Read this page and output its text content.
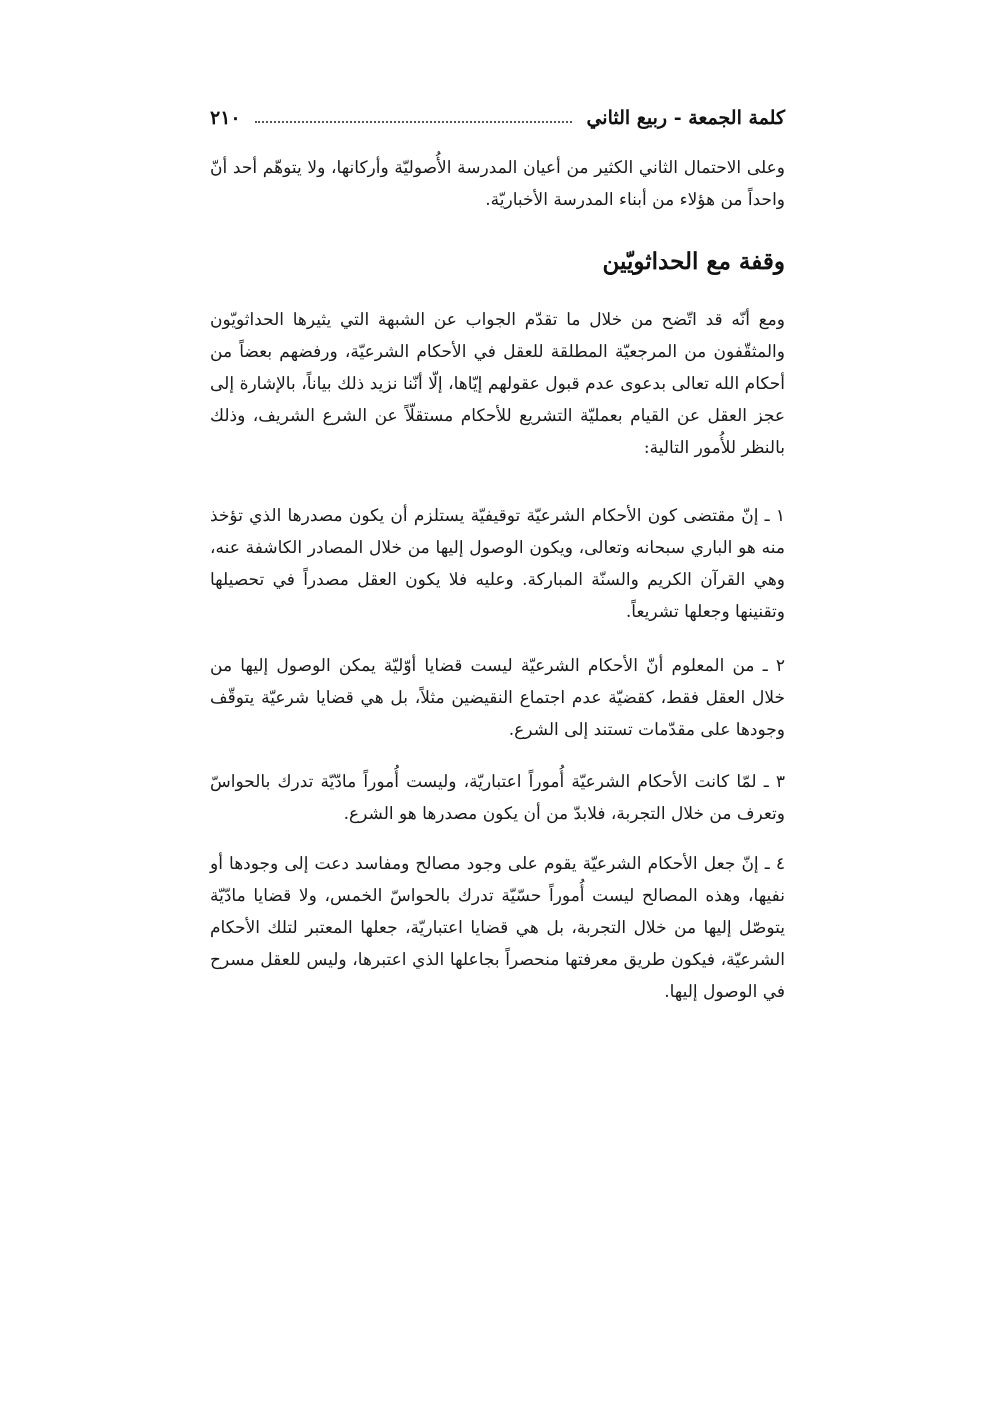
كلمة الجمعة - ربيع الثاني
٢١٠

وعلى الاحتمال الثاني الكثير من أعيان المدرسة الأُصوليّة وأركانها، ولا يتوهّم أحد أنّ واحداً من هؤلاء من أبناء المدرسة الأخباريّة.

وقفة مع الحداثويّين

ومع أنّه قد اتّضح من خلال ما تقدّم الجواب عن الشبهة التي يثيرها الحداثويّون والمثقّفون من المرجعيّة المطلقة للعقل في الأحكام الشرعيّة، ورفضهم بعضاً من أحكام الله تعالى بدعوى عدم قبول عقولهم إيّاها، إلّا أنّنا نزيد ذلك بياناً، بالإشارة إلى عجز العقل عن القيام بعمليّة التشريع للأحكام مستقلّاً عن الشرع الشريف، وذلك بالنظر للأُمور التالية:

١ ـ إنّ مقتضى كون الأحكام الشرعيّة توقيفيّة يستلزم أن يكون مصدرها الذي تؤخذ منه هو الباري سبحانه وتعالى، ويكون الوصول إليها من خلال المصادر الكاشفة عنه، وهي القرآن الكريم والسنّة المباركة. وعليه فلا يكون العقل مصدراً في تحصيلها وتقنينها وجعلها تشريعاً.

٢ ـ من المعلوم أنّ الأحكام الشرعيّة ليست قضايا أوّليّة يمكن الوصول إليها من خلال العقل فقط، كقضيّة عدم اجتماع النقيضين مثلاً، بل هي قضايا شرعيّة يتوقّف وجودها على مقدّمات تستند إلى الشرع.

٣ ـ لمّا كانت الأحكام الشرعيّة أُموراً اعتباريّة، وليست أُموراً مادّيّة تدرك بالحواسّ وتعرف من خلال التجربة، فلابدّ من أن يكون مصدرها هو الشرع.

٤ ـ إنّ جعل الأحكام الشرعيّة يقوم على وجود مصالح ومفاسد دعت إلى وجودها أو نفيها، وهذه المصالح ليست أُموراً حسّيّة تدرك بالحواسّ الخمس، ولا قضايا مادّيّة يتوصّل إليها من خلال التجربة، بل هي قضايا اعتباريّة، جعلها المعتبر لتلك الأحكام الشرعيّة، فيكون طريق معرفتها منحصراً بجاعلها الذي اعتبرها، وليس للعقل مسرح في الوصول إليها.
